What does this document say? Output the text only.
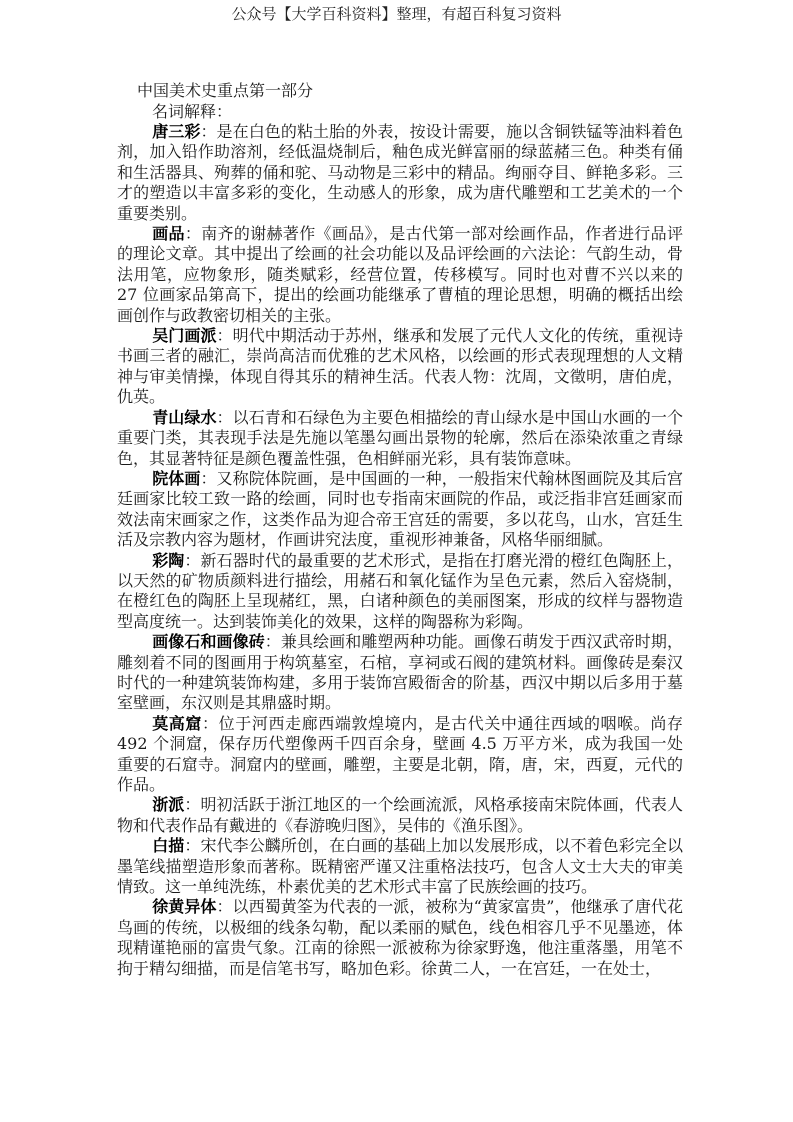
公众号【大学百科资料】整理，有超百科复习资料
中国美术史重点第一部分

名词解释：

唐三彩：是在白色的粘土胎的外表，按设计需要，施以含铜铁锰等油料着色剂，加入铅作助溶剂，经低温烧制后，釉色成光鲜富丽的绿蓝赭三色。种类有俑和生活器具、殉葬的俑和驼、马动物是三彩中的精品。绚丽夺目、鲜艳多彩。三才的塑造以丰富多彩的变化，生动感人的形象，成为唐代雕塑和工艺美术的一个重要类别。

画品：南齐的谢赫著作《画品》，是古代第一部对绘画作品，作者进行品评的理论文章。其中提出了绘画的社会功能以及品评绘画的六法论：气韵生动，骨法用笔，应物象形，随类赋彩，经营位置，传移模写。同时也对曹不兴以来的 27 位画家品第高下，提出的绘画功能继承了曹植的理论思想，明确的概括出绘画创作与政教密切相关的主张。

吴门画派：明代中期活动于苏州，继承和发展了元代人文化的传统，重视诗书画三者的融汇，崇尚高洁而优雅的艺术风格，以绘画的形式表现理想的人文精神与审美情操，体现自得其乐的精神生活。代表人物：沈周，文徵明，唐伯虎，仇英。

青山绿水：以石青和石绿色为主要色相描绘的青山绿水是中国山水画的一个重要门类，其表现手法是先施以笔墨勾画出景物的轮廓，然后在添染浓重之青绿色，其显著特征是颜色覆盖性强，色相鲜丽光彩，具有装饰意味。

院体画：又称院体院画，是中国画的一种，一般指宋代翰林图画院及其后宫廷画家比较工致一路的绘画，同时也专指南宋画院的作品，或泛指非宫廷画家而效法南宋画家之作，这类作品为迎合帝王宫廷的需要，多以花鸟，山水，宫廷生活及宗教内容为题材，作画讲究法度，重视形神兼备，风格华丽细腻。

彩陶：新石器时代的最重要的艺术形式，是指在打磨光滑的橙红色陶胚上，以天然的矿物质颜料进行描绘，用赭石和氧化锰作为呈色元素，然后入窑烧制，在橙红色的陶胚上呈现赭红，黑，白诸种颜色的美丽图案，形成的纹样与器物造型高度统一。达到装饰美化的效果，这样的陶器称为彩陶。

画像石和画像砖：兼具绘画和雕塑两种功能。画像石萌发于西汉武帝时期，雕刻着不同的图画用于构筑墓室，石棺，享祠或石阀的建筑材料。画像砖是秦汉时代的一种建筑装饰构建，多用于装饰宫殿衙舍的阶基，西汉中期以后多用于墓室壁画，东汉则是其鼎盛时期。

莫高窟：位于河西走廊西端敦煌境内，是古代关中通往西域的咽喉。尚存 492 个洞窟，保存历代塑像两千四百余身，壁画 4.5 万平方米，成为我国一处重要的石窟寺。洞窟内的壁画，雕塑，主要是北朝，隋，唐，宋，西夏，元代的作品。

浙派：明初活跃于浙江地区的一个绘画流派，风格承接南宋院体画，代表人物和代表作品有戴进的《春游晚归图》，吴伟的《渔乐图》。

白描：宋代李公麟所创，在白画的基础上加以发展形成，以不着色彩完全以墨笔线描塑造形象而著称。既精密严谨又注重格法技巧，包含人文士大夫的审美情致。这一单纯洗练，朴素优美的艺术形式丰富了民族绘画的技巧。

徐黄异体：以西蜀黄筌为代表的一派，被称为“黄家富贵”，他继承了唐代花鸟画的传统，以极细的线条勾勒，配以柔丽的赋色，线色相容几乎不见墨迹，体现精谨艳丽的富贵气象。江南的徐熙一派被称为徐家野逸，他注重落墨，用笔不拘于精勾细描，而是信笔书写，略加色彩。徐黄二人，一在宫廷，一在处士，
